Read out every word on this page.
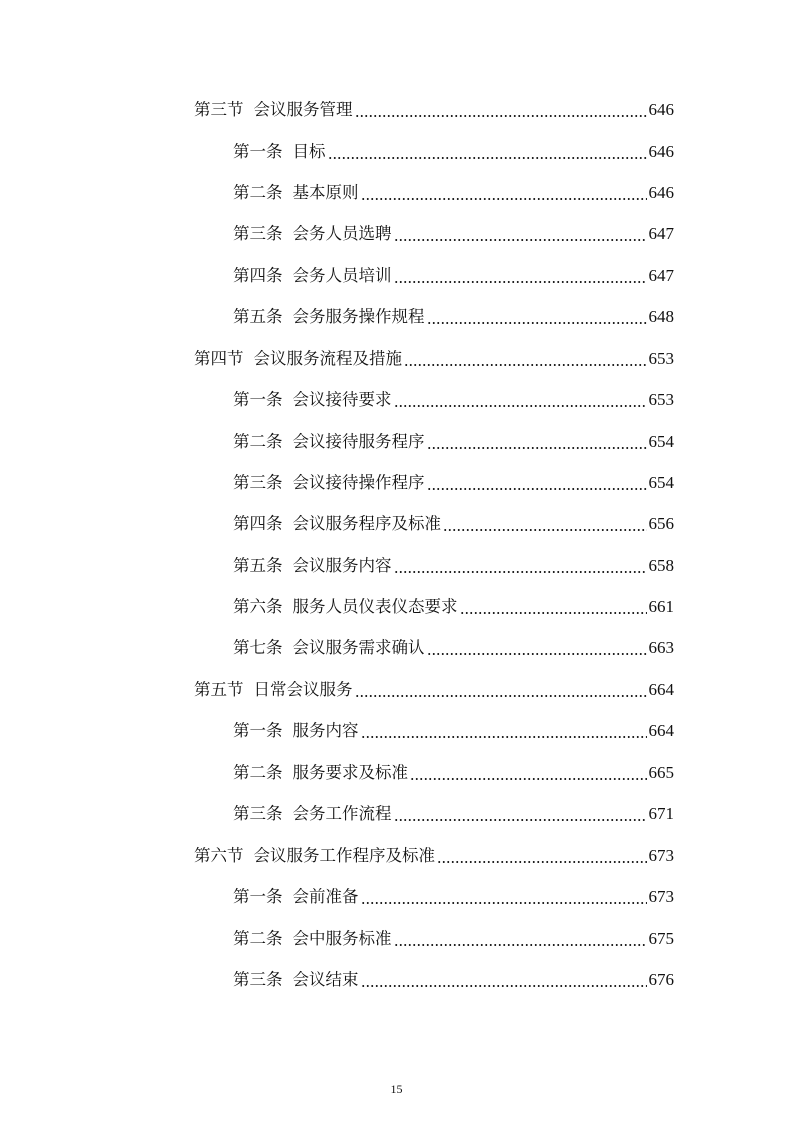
第三节 会议服务管理	646
第一条 目标	646
第二条 基本原则	646
第三条 会务人员选聘	647
第四条 会务人员培训	647
第五条 会务服务操作规程	648
第四节 会议服务流程及措施	653
第一条 会议接待要求	653
第二条 会议接待服务程序	654
第三条 会议接待操作程序	654
第四条 会议服务程序及标准	656
第五条 会议服务内容	658
第六条 服务人员仪表仪态要求	661
第七条 会议服务需求确认	663
第五节 日常会议服务	664
第一条 服务内容	664
第二条 服务要求及标准	665
第三条 会务工作流程	671
第六节 会议服务工作程序及标准	673
第一条 会前准备	673
第二条 会中服务标准	675
第三条 会议结束	676
15
